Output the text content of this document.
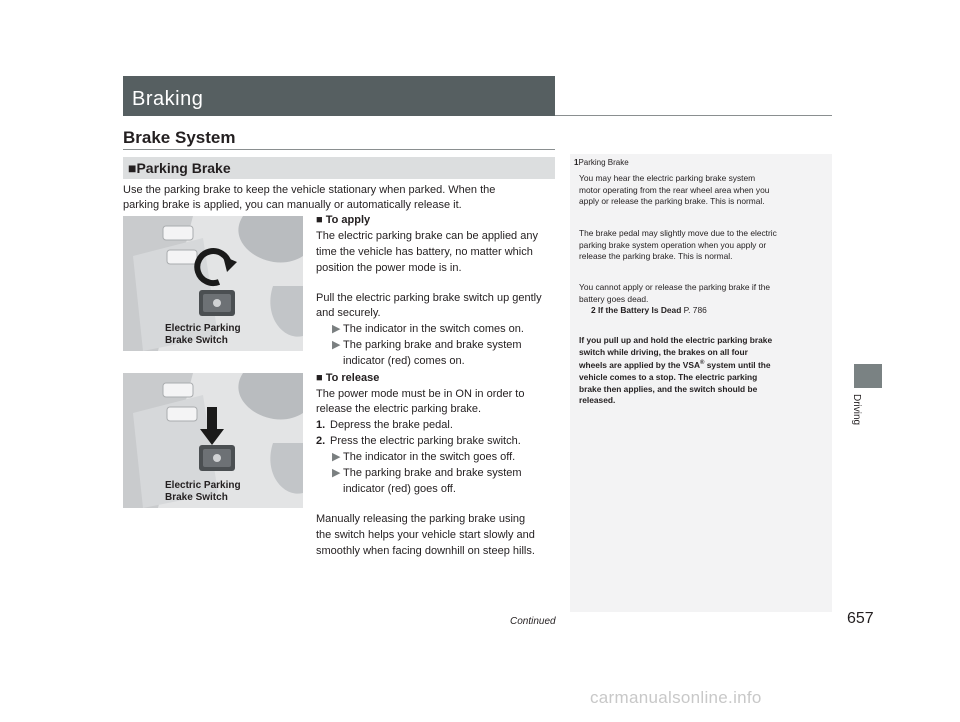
Braking
Brake System
■Parking Brake
Use the parking brake to keep the vehicle stationary when parked. When the
parking brake is applied, you can manually or automatically release it.
Electric Parking
Brake Switch
Electric Parking
Brake Switch
■ To apply
The electric parking brake can be applied any
time the vehicle has battery, no matter which
position the power mode is in.
Pull the electric parking brake switch up gently
and securely.
▶ The indicator in the switch comes on.
▶ The parking brake and brake system
indicator (red) comes on.
■ To release
The power mode must be in ON in order to
release the electric parking brake.
1. Depress the brake pedal.
2. Press the electric parking brake switch.
▶ The indicator in the switch goes off.
▶ The parking brake and brake system
indicator (red) goes off.
Manually releasing the parking brake using
the switch helps your vehicle start slowly and
smoothly when facing downhill on steep hills.
1Parking Brake
You may hear the electric parking brake system
motor operating from the rear wheel area when you
apply or release the parking brake. This is normal.
The brake pedal may slightly move due to the electric
parking brake system operation when you apply or
release the parking brake. This is normal.
You cannot apply or release the parking brake if the
battery goes dead.
2 If the Battery Is Dead P. 786
If you pull up and hold the electric parking brake
switch while driving, the brakes on all four
wheels are applied by the VSA® system until the
vehicle comes to a stop. The electric parking
brake then applies, and the switch should be
released.	Driving
Continued	657
carmanualsonline.info
